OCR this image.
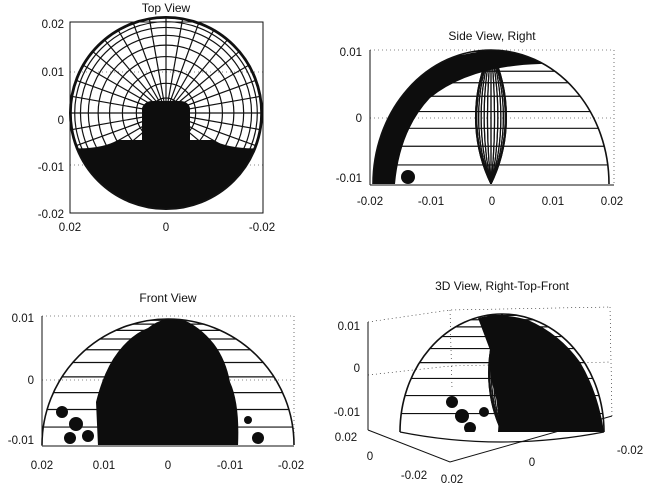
Top View
0.02
0.01
0
-0.01
-0.02
0.02	0	-0.02
Side View, Right
0.01
0
-0.01
-0.02	-0.01	0	0.01	0.02
Front View
0.01
0
-0.01
0.02	0.01	0	-0.01	-0.02
3D View, Right-Top-Front
0.01
0
-0.01
0.02
0
-0.02 0.02
0
-0.02
